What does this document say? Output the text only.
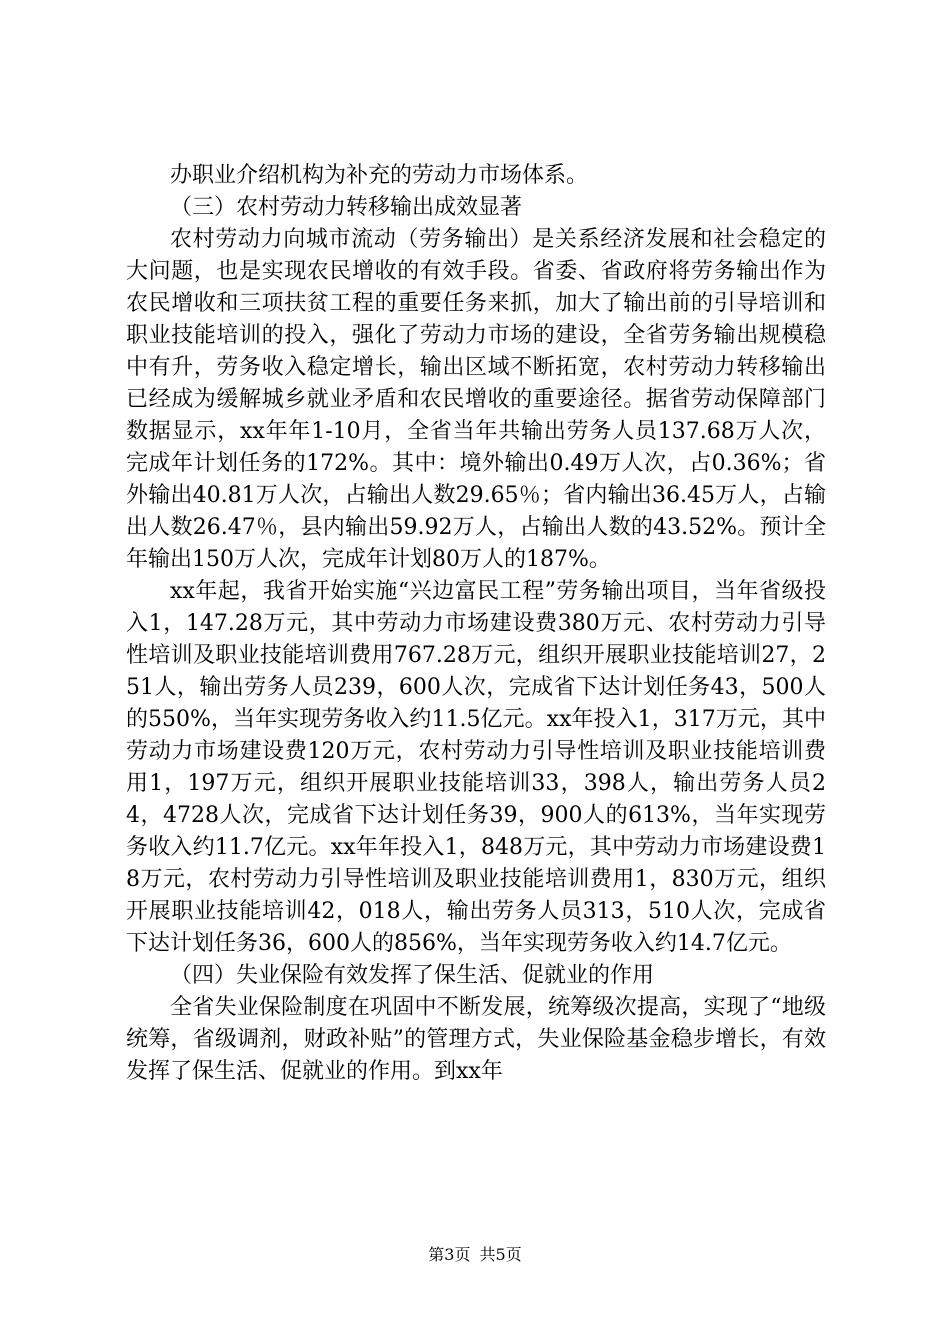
办职业介绍机构为补充的劳动力市场体系。

（三）农村劳动力转移输出成效显著

农村劳动力向城市流动（劳务输出）是关系经济发展和社会稳定的大问题，也是实现农民增收的有效手段。省委、省政府将劳务输出作为农民增收和三项扶贫工程的重要任务来抓，加大了输出前的引导培训和职业技能培训的投入，强化了劳动力市场的建设，全省劳务输出规模稳中有升，劳务收入稳定增长，输出区域不断拓宽，农村劳动力转移输出已经成为缓解城乡就业矛盾和农民增收的重要途径。据省劳动保障部门数据显示，xx年年1-10月，全省当年共输出劳务人员137.68万人次，完成年计划任务的172%。其中：境外输出0.49万人次，占0.36%；省外输出40.81万人次，占输出人数29.65％；省内输出36.45万人，占输出人数26.47％，县内输出59.92万人，占输出人数的43.52%。预计全年输出150万人次，完成年计划80万人的187%。

xx年起，我省开始实施“兴边富民工程”劳务输出项目，当年省级投入1，147.28万元，其中劳动力市场建设费380万元、农村劳动力引导性培训及职业技能培训费用767.28万元，组织开展职业技能培训27，251人，输出劳务人员239，600人次，完成省下达计划任务43，500人的550%，当年实现劳务收入约11.5亿元。xx年投入1，317万元，其中劳动力市场建设费120万元，农村劳动力引导性培训及职业技能培训费用1，197万元，组织开展职业技能培训33，398人，输出劳务人员24，4728人次，完成省下达计划任务39，900人的613%，当年实现劳务收入约11.7亿元。xx年年投入1，848万元，其中劳动力市场建设费18万元，农村劳动力引导性培训及职业技能培训费用1，830万元，组织开展职业技能培训42，018人，输出劳务人员313，510人次，完成省下达计划任务36，600人的856%，当年实现劳务收入约14.7亿元。

（四）失业保险有效发挥了保生活、促就业的作用

全省失业保险制度在巩固中不断发展，统筹级次提高，实现了“地级统筹，省级调剂，财政补贴”的管理方式，失业保险基金稳步增长，有效发挥了保生活、促就业的作用。到xx年

第3页 共5页
